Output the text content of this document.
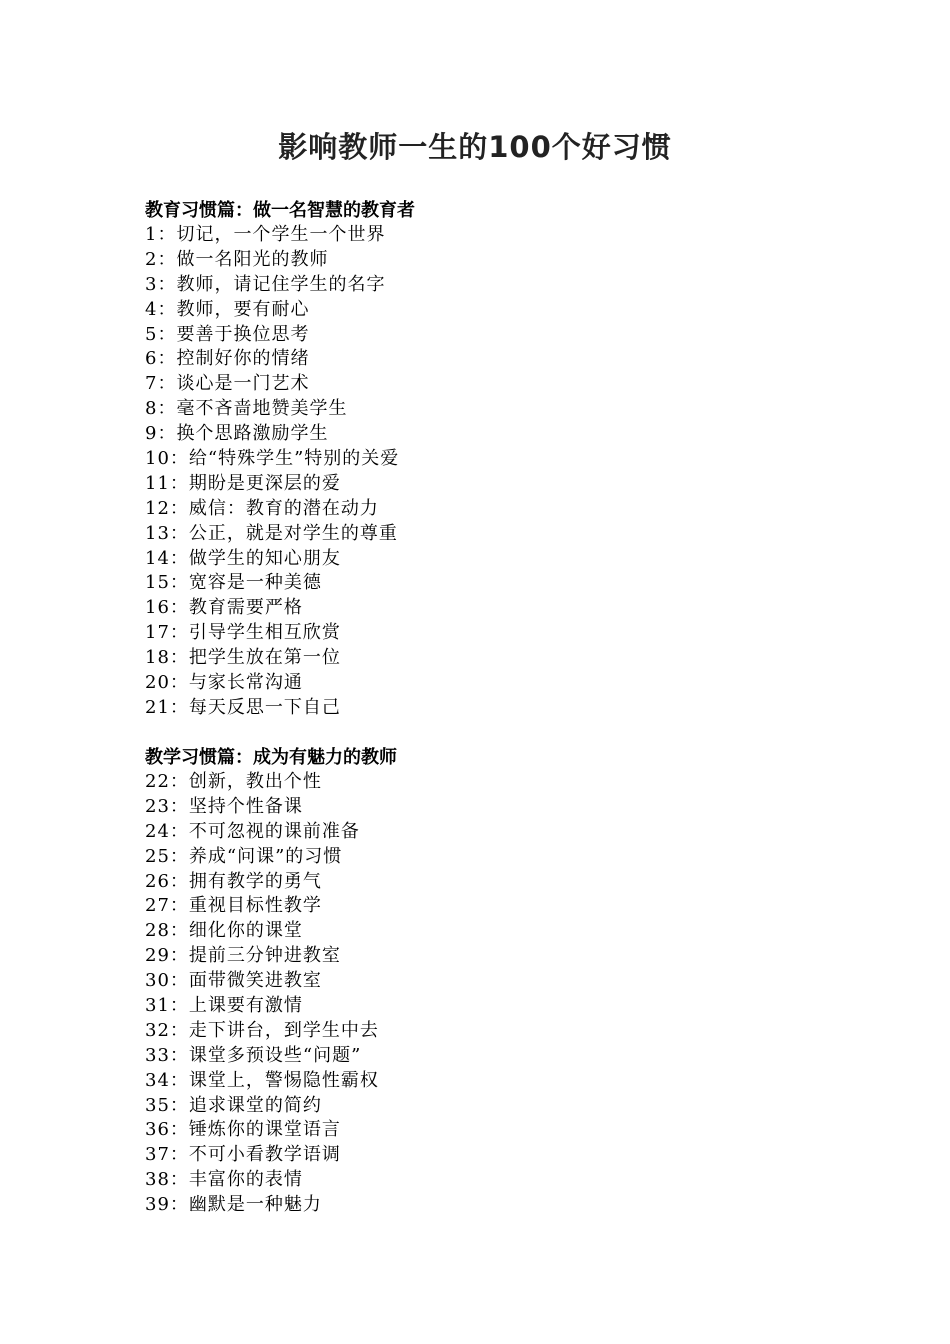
影响教师一生的100个好习惯
教育习惯篇：做一名智慧的教育者
1：切记，一个学生一个世界
2：做一名阳光的教师
3：教师，请记住学生的名字
4：教师，要有耐心
5：要善于换位思考
6：控制好你的情绪
7：谈心是一门艺术
8：毫不吝啬地赞美学生
9：换个思路激励学生
10：给“特殊学生”特别的关爱
11：期盼是更深层的爱
12：威信：教育的潜在动力
13：公正，就是对学生的尊重
14：做学生的知心朋友
15：宽容是一种美德
16：教育需要严格
17：引导学生相互欣赏
18：把学生放在第一位
20：与家长常沟通
21：每天反思一下自己
教学习惯篇：成为有魅力的教师
22：创新，教出个性
23：坚持个性备课
24：不可忽视的课前准备
25：养成“问课”的习惯
26：拥有教学的勇气
27：重视目标性教学
28：细化你的课堂
29：提前三分钟进教室
30：面带微笑进教室
31：上课要有激情
32：走下讲台，到学生中去
33：课堂多预设些“问题”
34：课堂上，警惕隐性霸权
35：追求课堂的简约
36：锤炼你的课堂语言
37：不可小看教学语调
38：丰富你的表情
39：幽默是一种魅力
